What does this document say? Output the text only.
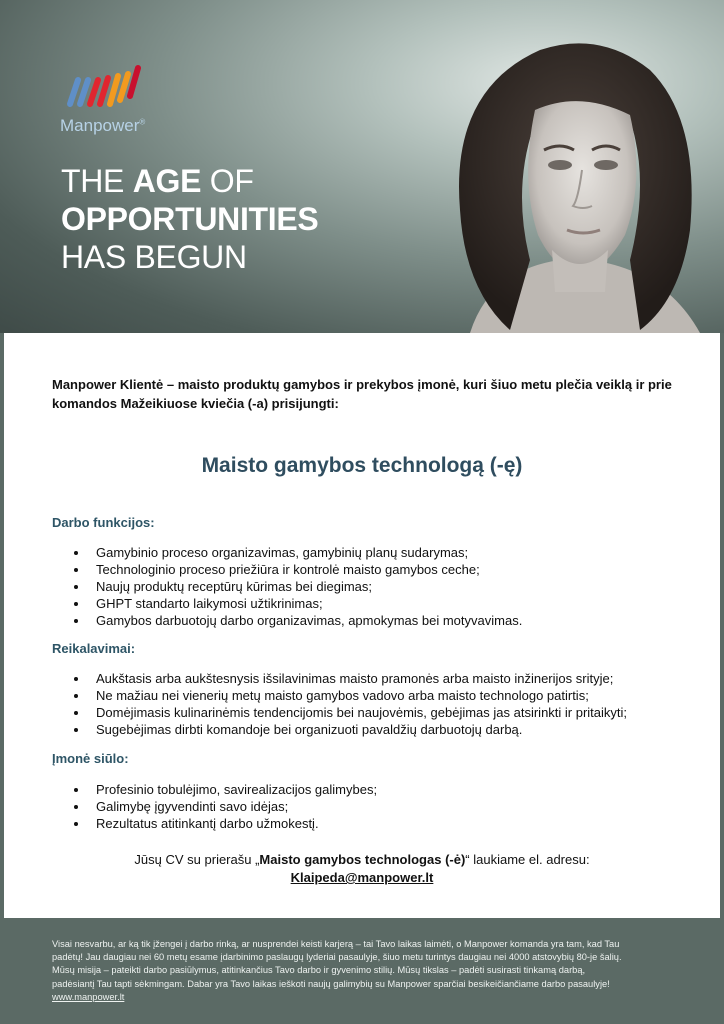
Manpower®
THE AGE OF
OPPORTUNITIES
HAS BEGUN
Manpower Klientė – maisto produktų gamybos ir prekybos įmonė, kuri šiuo metu plečia veiklą ir prie komandos Mažeikiuose kviečia (-a) prisijungti:
Maisto gamybos technologą (-ę)
Darbo funkcijos:
Gamybinio proceso organizavimas, gamybinių planų sudarymas;
Technologinio proceso priežiūra ir kontrolė maisto gamybos ceche;
Naujų produktų receptūrų kūrimas bei diegimas;
GHPT standarto laikymosi užtikrinimas;
Gamybos darbuotojų darbo organizavimas, apmokymas bei motyvavimas.
Reikalavimai:
Aukštasis arba aukštesnysis išsilavinimas maisto pramonės arba maisto inžinerijos srityje;
Ne mažiau nei vienerių metų maisto gamybos vadovo arba maisto technologo patirtis;
Domėjimasis kulinarinėmis tendencijomis bei naujovėmis, gebėjimas jas atsirinkti ir pritaikyti;
Sugebėjimas dirbti komandoje bei organizuoti pavaldžių darbuotojų darbą.
Įmonė siūlo:
Profesinio tobulėjimo, savirealizacijos galimybes;
Galimybę įgyvendinti savo idėjas;
Rezultatus atitinkantį darbo užmokestį.
Jūsų CV su prierašu „Maisto gamybos technologas (-ė)“ laukiame el. adresu:
Klaipeda@manpower.lt
Visai nesvarbu, ar ką tik įžengei į darbo rinką, ar nusprendei keisti karjerą – tai Tavo laikas laimėti, o Manpower komanda yra tam, kad Tau
padėtų! Jau daugiau nei 60 metų esame įdarbinimo paslaugų lyderiai pasaulyje, šiuo metu turintys daugiau nei 4000 atstovybių 80-je šalių.
Mūsų misija – pateikti darbo pasiūlymus, atitinkančius Tavo darbo ir gyvenimo stilių. Mūsų tikslas – padėti susirasti tinkamą darbą,
padėsiantį Tau tapti sėkmingam. Dabar yra Tavo laikas ieškoti naujų galimybių su Manpower sparčiai besikeičiančiame darbo pasaulyje!
www.manpower.lt
